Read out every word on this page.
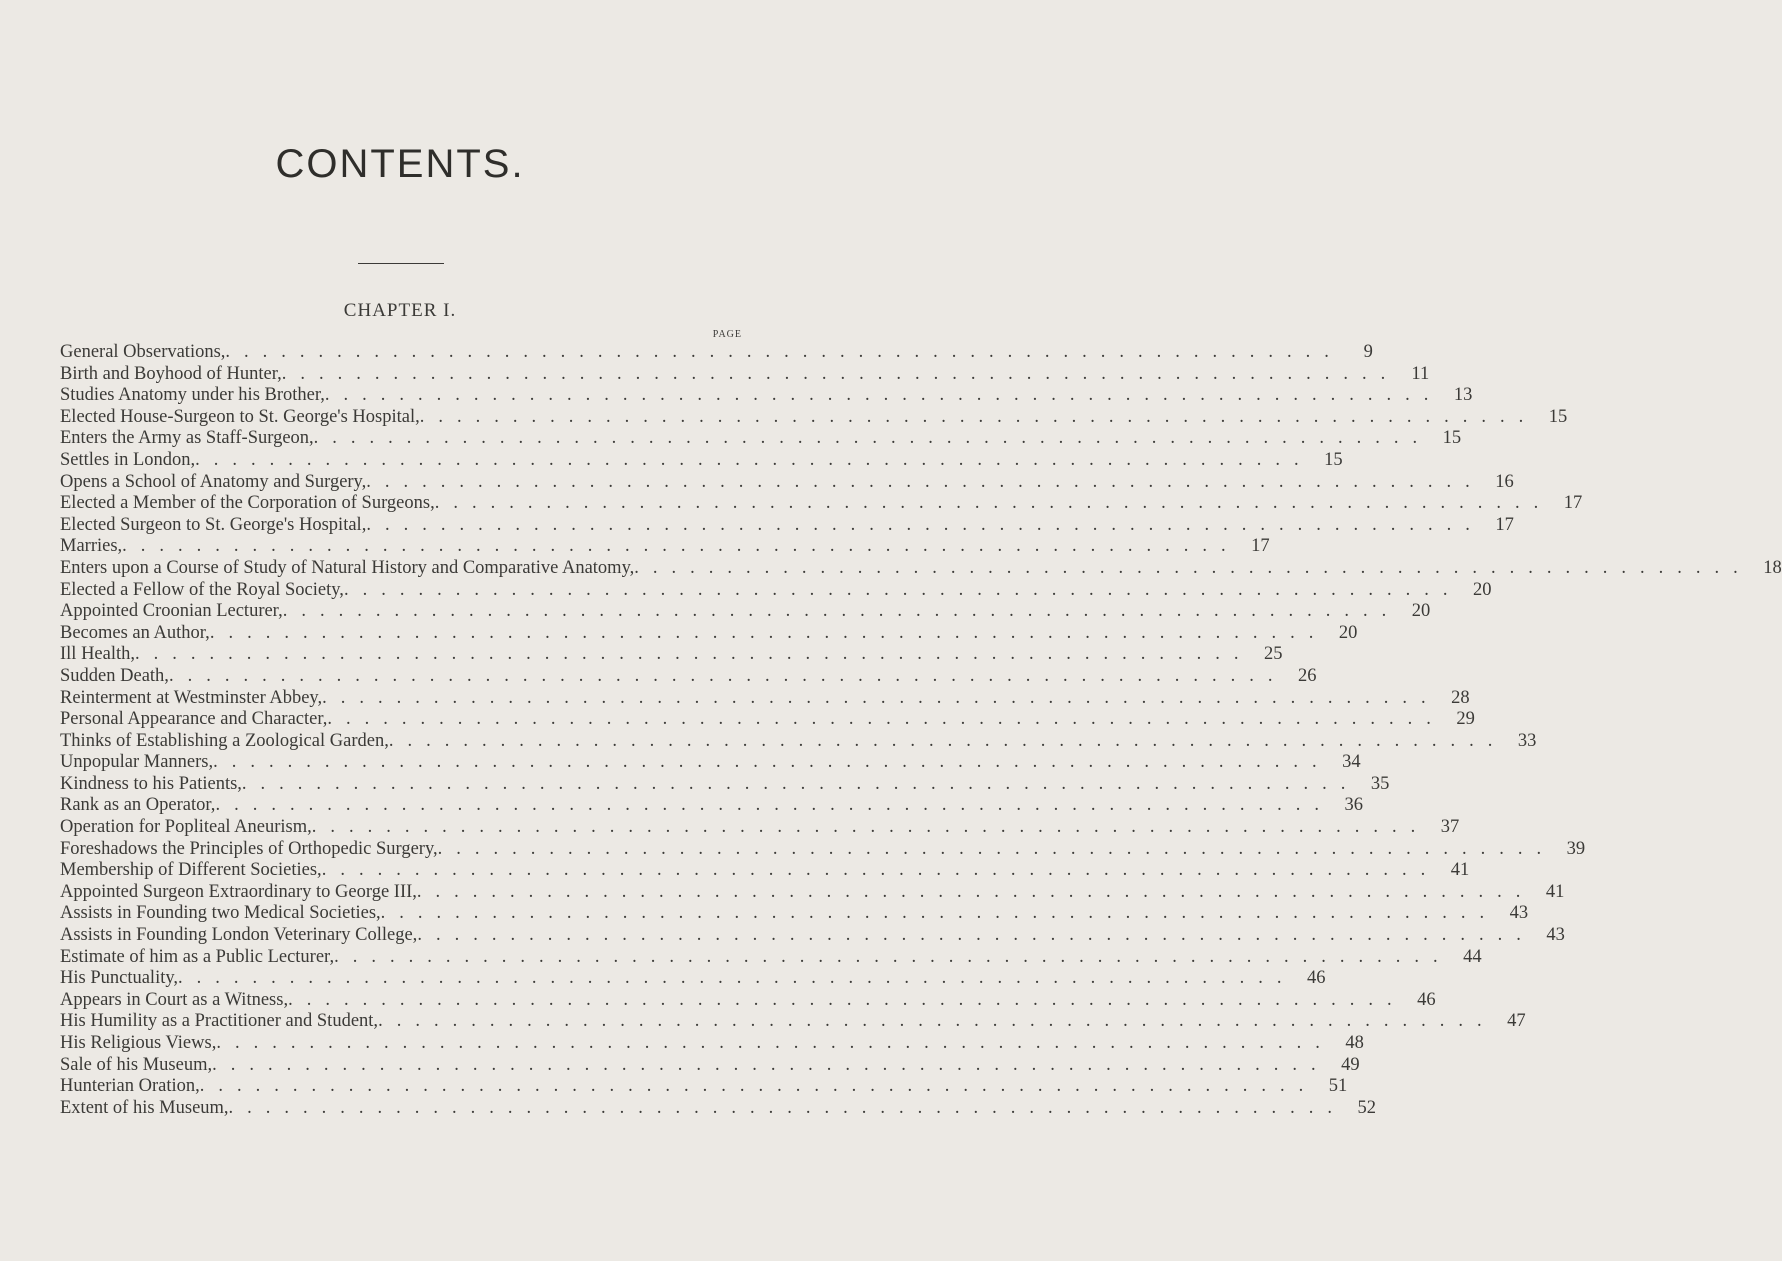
CONTENTS.
CHAPTER I.
PAGE
General Observations, ............................................................	9
Birth and Boyhood of Hunter, ............................................................ 11
Studies Anatomy under his Brother, ............................................................ 13
Elected House-Surgeon to St. George's Hospital, ............................................................ 15
Enters the Army as Staff-Surgeon, ............................................................ 15
Settles in London, ............................................................ 15
Opens a School of Anatomy and Surgery, ............................................................ 16
Elected a Member of the Corporation of Surgeons, ............................................................ 17
Elected Surgeon to St. George's Hospital, ............................................................ 17
Marries, ............................................................ 17
Enters upon a Course of Study of Natural History and Comparative Anatomy, ............................................................ 18
Elected a Fellow of the Royal Society, ............................................................ 20
Appointed Croonian Lecturer, ............................................................ 20
Becomes an Author, ............................................................ 20
Ill Health, ............................................................ 25
Sudden Death, ............................................................ 26
Reinterment at Westminster Abbey, ............................................................ 28
Personal Appearance and Character, ............................................................ 29
Thinks of Establishing a Zoological Garden, ............................................................ 33
Unpopular Manners, ............................................................ 34
Kindness to his Patients, ............................................................ 35
Rank as an Operator, ............................................................ 36
Operation for Popliteal Aneurism, ............................................................ 37
Foreshadows the Principles of Orthopedic Surgery, ............................................................ 39
Membership of Different Societies, ............................................................ 41
Appointed Surgeon Extraordinary to George III, ............................................................ 41
Assists in Founding two Medical Societies, ............................................................ 43
Assists in Founding London Veterinary College, ............................................................ 43
Estimate of him as a Public Lecturer, ............................................................ 44
His Punctuality, ............................................................ 46
Appears in Court as a Witness, ............................................................ 46
His Humility as a Practitioner and Student, ............................................................ 47
His Religious Views, ............................................................ 48
Sale of his Museum, ............................................................ 49
Hunterian Oration, ............................................................ 51
Extent of his Museum, ............................................................ 52
